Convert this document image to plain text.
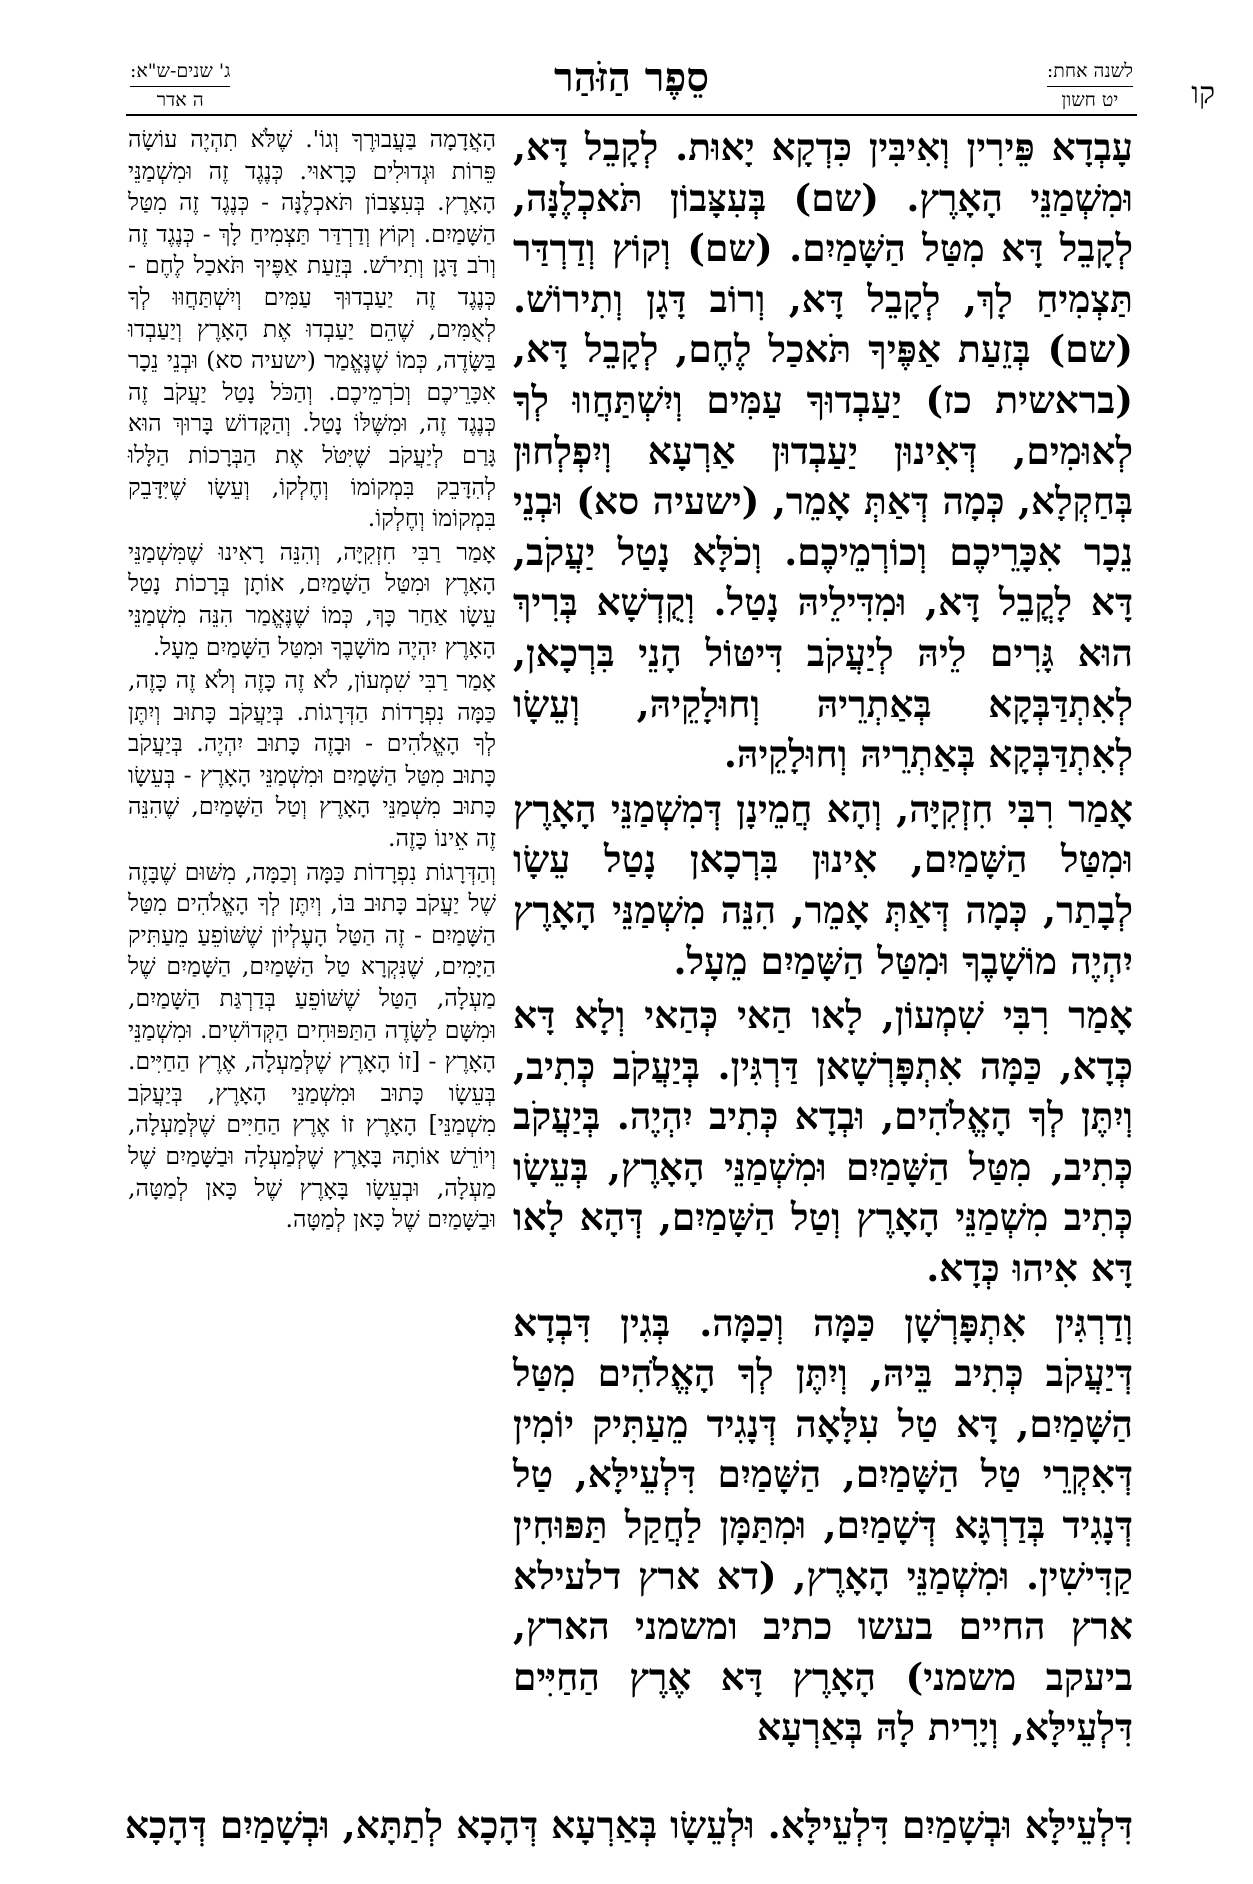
קו
לשנה אחת:
יט חשון
סֵפֶר הַזֹּהַר
ג' שנים-ש"א:
ה אדר

עָבְדָא פֵּירִין וְאִיבִּין כִּדְקָא יָאוּת. לְקָבֵל דָּא, וּמִשְׁמַנֵּי הָאָרֶץ. (שם) בְּעִצָּבוֹן תֹּאכְלֶנָּה, לְקָבֵל דָּא מִטַּל הַשָּׁמַיִם. (שם) וְקוֹץ וְדַרְדַּר תַּצְמִיחַ לָךְ, לְקָבֵל דָּא, וְרוֹב דָּגָן וְתִירוֹשׁ. (שם) בְּזֵעַת אַפֶּיךָ תֹּאכַל לֶחֶם, לְקָבֵל דָּא, (בראשית כז) יַעַבְדוּךָ עַמִּים וְיִשְׁתַּחֲווּ לְךָ לְאוּמִים, דְּאִינוּן יַעַבְדוּן אַרְעָא וְיִפְלְחוּן בְּחַקְלָא, כְּמָה דְּאַתְּ אָמֵר, (ישעיה סא) וּבְנֵי נֵכָר אִכָּרֵיכֶם וְכוֹרְמֵיכֶם. וְכֹלָּא נָטַל יַעֲקֹב, דָּא לָקֳבֵל דָּא, וּמִדִּילֵיהּ נָטַל. וְקֻדְשָׁא בְּרִיךְ הוּא גָּרִים לֵיהּ לְיַעֲקֹב דִּיטּוֹל הָנֵי בִּרְכָאן, לְאִתְדַּבְּקָא בְּאַתְרֵיהּ וְחוּלָקֵיהּ, וְעֵשָׂו לְאִתְדַּבְּקָא בְּאַתְרֵיהּ וְחוּלָקֵיהּ.

אָמַר רִבִּי חִזְקִיָּה, וְהָא חֲמֵינָן דְּמִשְׁמַנֵּי הָאָרֶץ וּמִטַּל הַשָּׁמַיִם, אִינוּן בִּרְכָאן נָטַל עֵשָׂו לְבָתַר, כְּמָה דְּאַתְּ אָמֵר, הִנֵּה מִשְׁמַנֵּי הָאָרֶץ יִהְיֶה מוֹשָׁבֶךָ וּמִטַּל הַשָּׁמַיִם מֵעָל.

אָמַר רִבִּי שִׁמְעוֹן, לָאו הַאי כְּהַאי וְלָא דָּא כְּדָא, כַּמָּה אִתְפָּרְשָׁאן דַּרְגִּין. בְּיַעֲקֹב כְּתִיב, וְיִתֶּן לְךָ הָאֱלֹהִים, וּבְדָא כְּתִיב יִהְיֶה. בְּיַעֲקֹב כְּתִיב, מִטַּל הַשָּׁמַיִם וּמִשְׁמַנֵּי הָאָרֶץ, בְּעֵשָׂו כְּתִיב מִשְׁמַנֵּי הָאָרֶץ וְטַל הַשָּׁמַיִם, דְּהָא לָאו דָּא אִיהוּ כְּדָא.

וְדַרְגִּין אִתְפָּרְשָׁן כַּמָּה וְכַמָּה. בְּגִין דִּבְדָא דְּיַעֲקֹב כְּתִיב בֵּיהּ, וְיִתֶּן לְךָ הָאֱלֹהִים מִטַּל הַשָּׁמַיִם, דָּא טַל עִלָּאָה דְּנָגִיד מֵעַתִּיק יוֹמִין דְּאִקְרֵי טַל הַשָּׁמַיִם, הַשָּׁמַיִם דִּלְעֵילָּא, טַל דְּנָגִיד בְּדַרְגָּא דְּשָׁמַיִם, וּמִתַּמָּן לַחֲקַל תַּפּוּחִין קַדִּישִׁין. וּמִשְׁמַנֵּי הָאָרֶץ, (דא ארץ דלעילא ארץ החיים בעשו כתיב ומשמני הארץ, ביעקב משמני) הָאָרֶץ דָּא אֶרֶץ הַחַיִּים דִּלְעֵילָּא, וְיָרִית לָהּ בְּאַרְעָא

הָאֲדָמָה בַּעֲבוּרֶךָ וְגוֹ'. שֶׁלֹּא תִהְיֶה עוֹשָׂה פֵּרוֹת וּגְדוּלִים כָּרָאוּי. כְּנֶגֶד זֶה וּמִשְׁמַנֵּי הָאָרֶץ. בְּעִצָּבוֹן תֹּאכְלֶנָּה - כְּנֶגֶד זֶה מִטַּל הַשָּׁמַיִם. וְקוֹץ וְדַרְדַּר תַּצְמִיחַ לָךְ - כְּנֶגֶד זֶה וְרֹב דָּגָן וְתִירֹשׁ. בְּזֵעַת אַפֶּיךָ תֹּאכַל לֶחֶם - כְּנֶגֶד זֶה יַעַבְדוּךָ עַמִּים וְיִשְׁתַּחֲוּוּ לְךָ לְאֻמִּים, שֶׁהֵם יַעַבְדוּ אֶת הָאָרֶץ וְיַעַבְדוּ בַּשָּׂדֶה, כְּמוֹ שֶׁנֶּאֱמַר (ישעיה סא) וּבְנֵי נֵכָר אִכָּרֵיכֶם וְכֹרְמֵיכֶם. וְהַכֹּל נָטַל יַעֲקֹב זֶה כְּנֶגֶד זֶה, וּמִשֶּׁלּוֹ נָטַל. וְהַקָּדוֹשׁ בָּרוּךְ הוּא גָּרַם לְיַעֲקֹב שֶׁיִּטֹּל אֶת הַבְּרָכוֹת הַלָּלוּ לְהִדָּבֵק בִּמְקוֹמוֹ וְחֶלְקוֹ, וְעֵשָׂו שֶׁיִּדָּבֵק בִּמְקוֹמוֹ וְחֶלְקוֹ.

אָמַר רַבִּי חִזְקִיָּה, וְהִנֵּה רָאִינוּ שֶׁמִּשְׁמַנֵּי הָאָרֶץ וּמִטַּל הַשָּׁמַיִם, אוֹתָן בְּרָכוֹת נָטַל עֵשָׂו אַחַר כָּךְ, כְּמוֹ שֶׁנֶּאֱמַר הִנֵּה מִשְׁמַנֵּי הָאָרֶץ יִהְיֶה מוֹשָׁבֶךָ וּמִטַּל הַשָּׁמַיִם מֵעָל.

אָמַר רַבִּי שִׁמְעוֹן, לֹא זֶה כָּזֶה וְלֹא זֶה כָּזֶה, כַּמָּה נִפְרָדוֹת הַדְּרָגוֹת. בְּיַעֲקֹב כָּתוּב וְיִתֶּן לְךָ הָאֱלֹהִים - וּבָזֶה כָּתוּב יִהְיֶה. בְּיַעֲקֹב כָּתוּב מִטַּל הַשָּׁמַיִם וּמִשְׁמַנֵּי הָאָרֶץ - בְּעֵשָׂו כָּתוּב מִשְׁמַנֵּי הָאָרֶץ וְטַל הַשָּׁמַיִם, שֶׁהִנֵּה זֶה אֵינוֹ כָּזֶה.

וְהַדְּרָגוֹת נִפְרָדוֹת כַּמָּה וְכַמָּה, מִשּׁוּם שֶׁבָּזֶה שֶׁל יַעֲקֹב כָּתוּב בּוֹ, וְיִתֶּן לְךָ הָאֱלֹהִים מִטַּל הַשָּׁמַיִם - זֶה הַטַּל הָעֶלְיוֹן שֶׁשּׁוֹפֵעַ מֵעַתִּיק הַיָּמִים, שֶׁנִּקְרָא טַל הַשָּׁמַיִם, הַשָּׁמַיִם שֶׁל מַעְלָה, הַטַּל שֶׁשּׁוֹפֵעַ בְּדַרְגַּת הַשָּׁמַיִם, וּמִשָּׁם לַשָּׂדֶה הַתַּפּוּחִים הַקְּדוֹשִׁים. וּמִשְׁמַנֵּי הָאָרֶץ - [זוֹ הָאָרֶץ שֶׁלְּמַעְלָה, אֶרֶץ הַחַיִּים. בְּעֵשָׂו כָּתוּב וּמִשְׁמַנֵּי הָאָרֶץ, בְּיַעֲקֹב מִשְׁמַנֵּי] הָאָרֶץ זוֹ אֶרֶץ הַחַיִּים שֶׁלְּמַעְלָה, וְיוֹרֵשׁ אוֹתָהּ בָּאָרֶץ שֶׁלְּמַעְלָה וּבַשָּׁמַיִם שֶׁל מַעְלָה, וּבְעֵשָׂו בָּאָרֶץ שֶׁל כָּאן לְמַטָּה, וּבַשָּׁמַיִם שֶׁל כָּאן לְמַטָּה.

דִּלְעֵילָּא וּבְשָׁמַיִם דִּלְעֵילָּא. וּלְעֵשָׂו בְּאַרְעָא דְּהָכָא לְתַתָּא, וּבְשָׁמַיִם דְּהָכָא
